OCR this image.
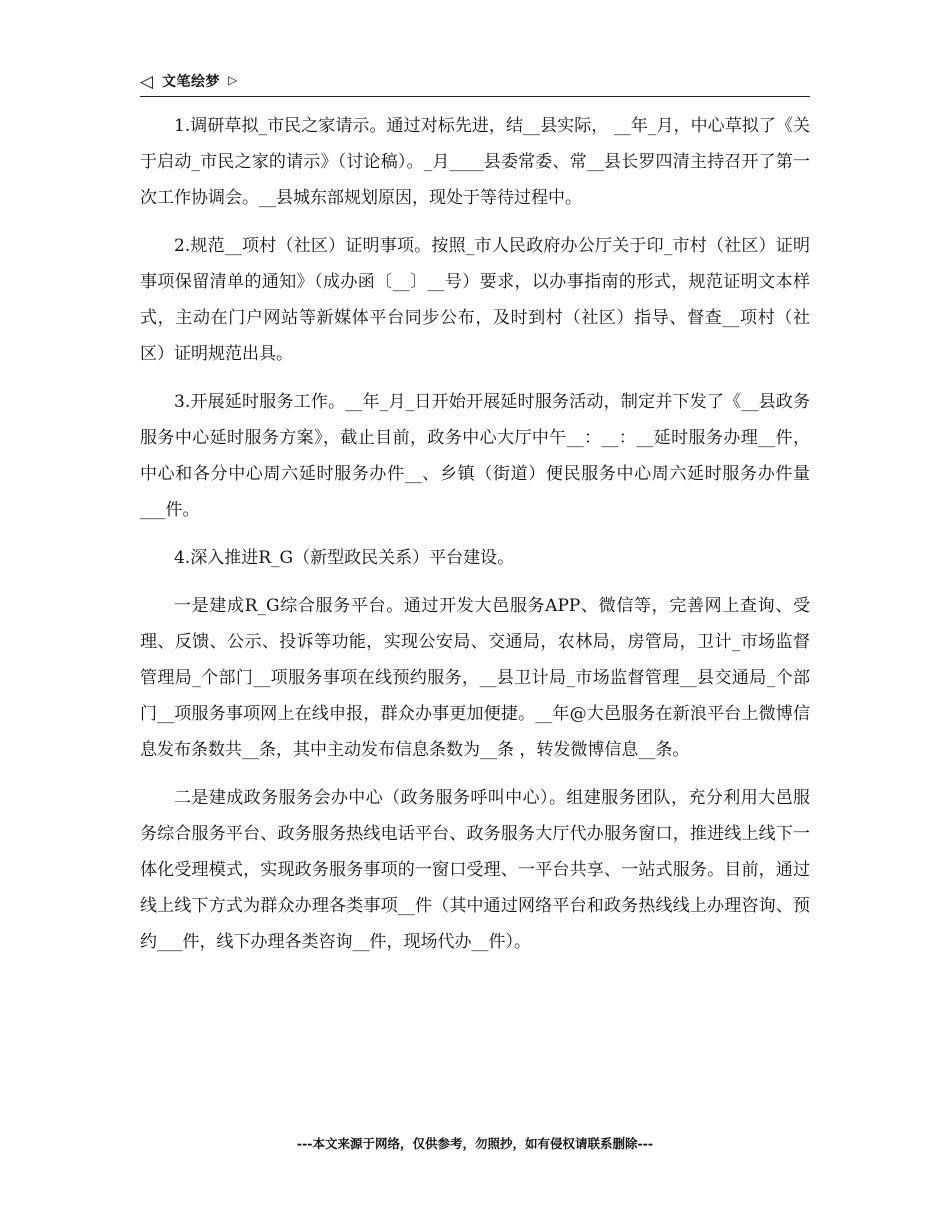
◁ 文笔绘梦 ▷

1.调研草拟_市民之家请示。通过对标先进，结__县实际， __年_月，中心草拟了《关于启动_市民之家的请示》（讨论稿）。_月____县委常委、常__县长罗四清主持召开了第一次工作协调会。__县城东部规划原因，现处于等待过程中。

2.规范__项村（社区）证明事项。按照_市人民政府办公厅关于印_市村（社区）证明事项保留清单的通知》（成办函〔__〕__号）要求，以办事指南的形式，规范证明文本样式，主动在门户网站等新媒体平台同步公布，及时到村（社区）指导、督查__项村（社区）证明规范出具。

3.开展延时服务工作。__年_月_日开始开展延时服务活动，制定并下发了《__县政务服务中心延时服务方案》，截止目前，政务中心大厅中午__：__：__延时服务办理__件，中心和各分中心周六延时服务办件__、乡镇（街道）便民服务中心周六延时服务办件量___件。

4.深入推进R_G（新型政民关系）平台建设。

一是建成R_G综合服务平台。通过开发大邑服务APP、微信等，完善网上查询、受理、反馈、公示、投诉等功能，实现公安局、交通局，农林局，房管局，卫计_市场监督管理局_个部门__项服务事项在线预约服务，__县卫计局_市场监督管理__县交通局_个部门__项服务事项网上在线申报，群众办事更加便捷。__年@大邑服务在新浪平台上微博信息发布条数共__条，其中主动发布信息条数为__条 ，转发微博信息__条。

二是建成政务服务会办中心（政务服务呼叫中心）。组建服务团队，充分利用大邑服务综合服务平台、政务服务热线电话平台、政务服务大厅代办服务窗口，推进线上线下一体化受理模式，实现政务服务事项的一窗口受理、一平台共享、一站式服务。目前，通过线上线下方式为群众办理各类事项__件（其中通过网络平台和政务热线线上办理咨询、预约___件，线下办理各类咨询__件，现场代办__件）。

---本文来源于网络，仅供参考，勿照抄，如有侵权请联系删除---
